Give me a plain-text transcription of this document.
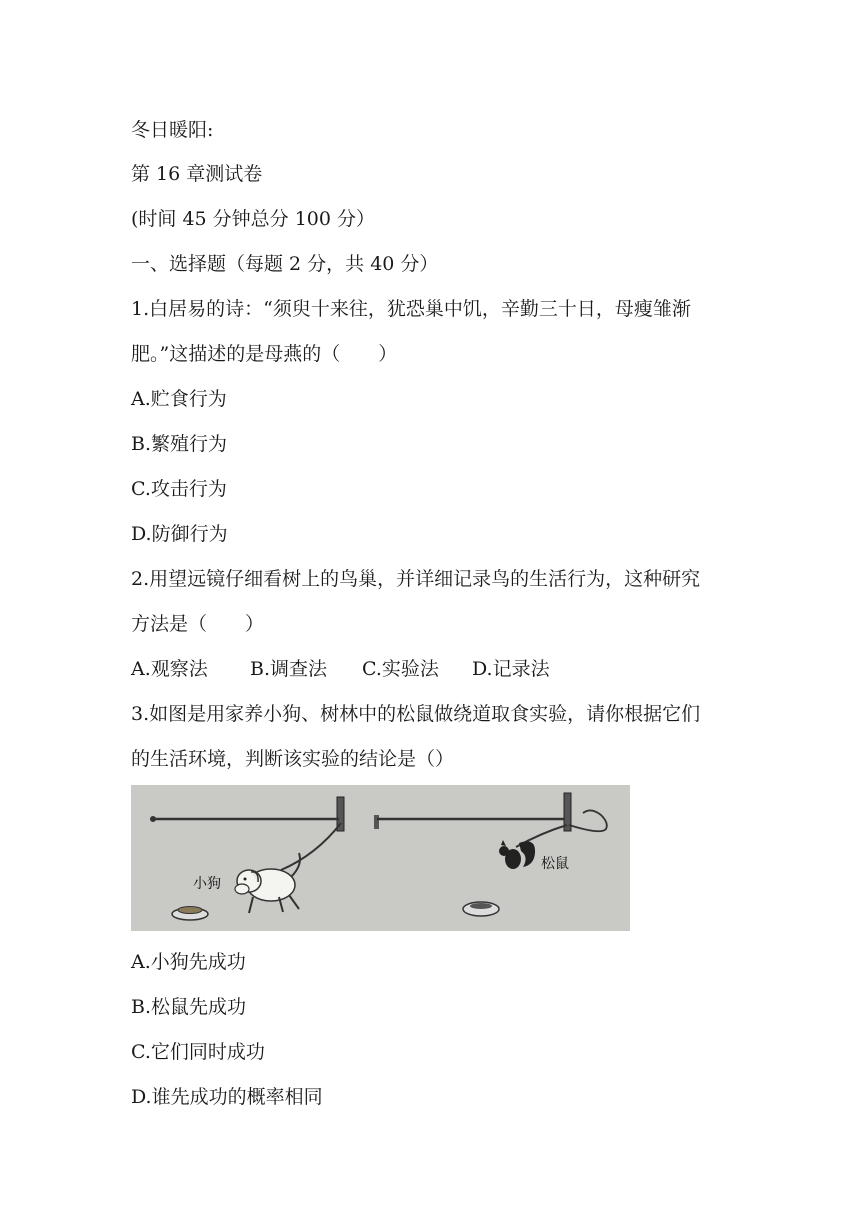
冬日暖阳:

第 16 章测试卷

(时间 45 分钟总分 100 分）

一、选择题（每题 2 分，共 40 分）

1.白居易的诗：“须臾十来往，犹恐巢中饥，辛勤三十日，母瘦雏渐

肥。”这描述的是母燕的（　　）

A.贮食行为

B.繁殖行为

C.攻击行为

D.防御行为

2.用望远镜仔细看树上的鸟巢，并详细记录鸟的生活行为，这种研究

方法是（　　）

A.观察法 B.调查法 C.实验法 D.记录法

3.如图是用家养小狗、树林中的松鼠做绕道取食实验，请你根据它们

的生活环境，判断该实验的结论是（）

小狗
松鼠

A.小狗先成功

B.松鼠先成功

C.它们同时成功

D.谁先成功的概率相同
